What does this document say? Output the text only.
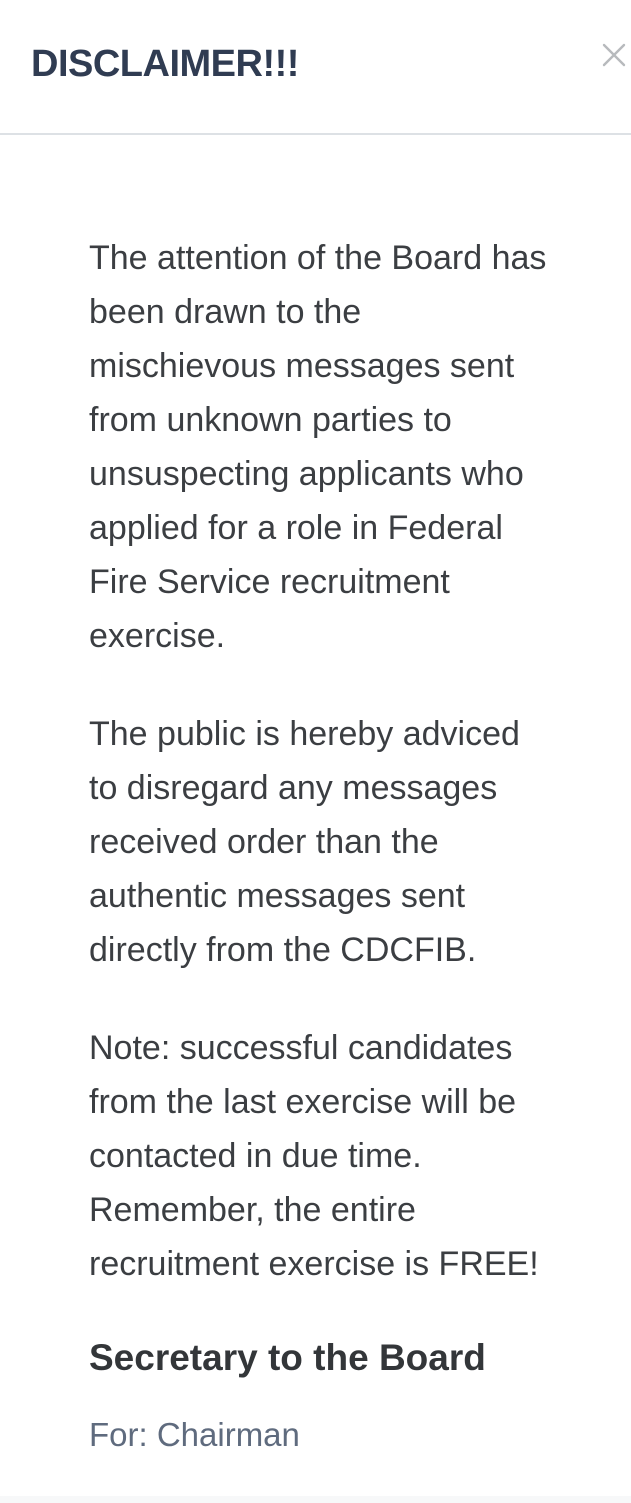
DISCLAIMER!!!

The attention of the Board has
been drawn to the
mischievous messages sent
from unknown parties to
unsuspecting applicants who
applied for a role in Federal
Fire Service recruitment
exercise.

The public is hereby adviced
to disregard any messages
received order than the
authentic messages sent
directly from the CDCFIB.

Note: successful candidates
from the last exercise will be
contacted in due time.
Remember, the entire
recruitment exercise is FREE!

Secretary to the Board

For: Chairman
